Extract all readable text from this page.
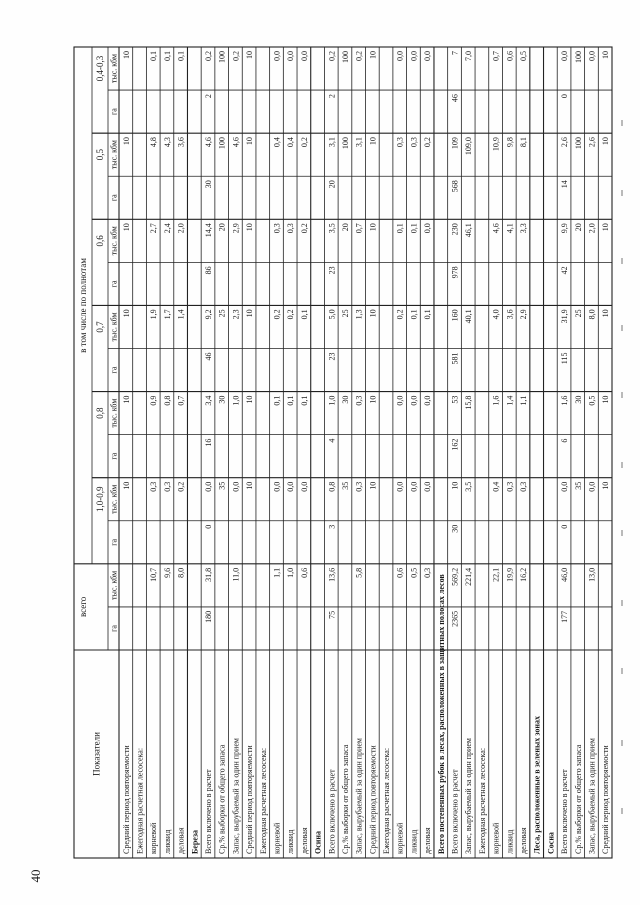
Показатели
всего
в том числе по полнотам
1,0-0,9
0,8
0,7
0,6
0,5
0,4-0,3
га
тыс. кбм
га
тыс. кбм
га
тыс. кбм
га
тыс. кбм
га
тыс. кбм
га
тыс. кбм
га
тыс. кбм
Средний период повторяемости
10
10
10
10
10
10
Ежегодная расчетная лесосека: корневой
10,7
0,3
0,9
1,9
2,7
4,8
0,1
ликвид
9,6
0,3
0,8
1,7
2,4
4,3
0,1
деловая
8,0
0,2
0,7
1,4
2,0
3,6
0,1
Береза Всего включено в расчет
180
31,8
0
0,0
16
3,4
46
9,2
86
14,4
30
4,6
2
0,2
Ср.% выборки от общего запаса
35
30
25
20
100
100
Запас, вырубаемый за один прием
11,0
0,0
1,0
2,3
2,9
4,6
0,2
Средний период повторяемости
10
10
10
10
10
10
Ежегодная расчетная лесосека: корневой
1,1
0,0
0,1
0,2
0,3
0,4
0,0
ликвид
1,0
0,0
0,1
0,2
0,3
0,4
0,0
деловая
0,6
0,0
0,1
0,1
0,2
0,2
0,0
Осина Всего включено в расчет
75
13,6
3
0,8
4
1,0
23
5,0
23
3,5
20
3,1
2
0,2
Ср.% выборки от общего запаса
35
30
25
20
100
100
Запас, вырубаемый за один прием
5,8
0,3
0,3
1,3
0,7
3,1
0,2
Средний период повторяемости
10
10
10
10
10
10
Ежегодная расчетная лесосека: корневой
0,6
0,0
0,0
0,2
0,1
0,3
0,0
ликвид
0,5
0,0
0,0
0,1
0,1
0,3
0,0
деловая
0,3
0,0
0,0
0,1
0,0
0,2
0,0
Всего постепенных рубок в лесах, расположенных в защитных полосах лесов Всего включено в расчет
2365
569,2
30
10
162
53
581
160
978
230
568
109
46
7
Запас, вырубаемый за один прием
221,4
3,5
15,8
40,1
46,1
109,0
7,0
Ежегодная расчетная лесосека: корневой
22,1
0,4
1,6
4,0
4,6
10,9
0,7
ликвид
19,9
0,3
1,4
3,6
4,1
9,8
0,6
деловая
16,2
0,3
1,1
2,9
3,3
8,1
0,5
Леса, расположенные в зеленых зонах Сосна Всего включено в расчет
177
46,0
0
0,0
6
1,6
115
31,9
42
9,9
14
2,6
0
0,0
Ср.% выборки от общего запаса
35
30
25
20
100
100
Запас, вырубаемый за один прием
13,0
0,0
0,5
8,0
2,0
2,6
0,0
Средний период повторяемости
10
10
10
10
10
10
40
